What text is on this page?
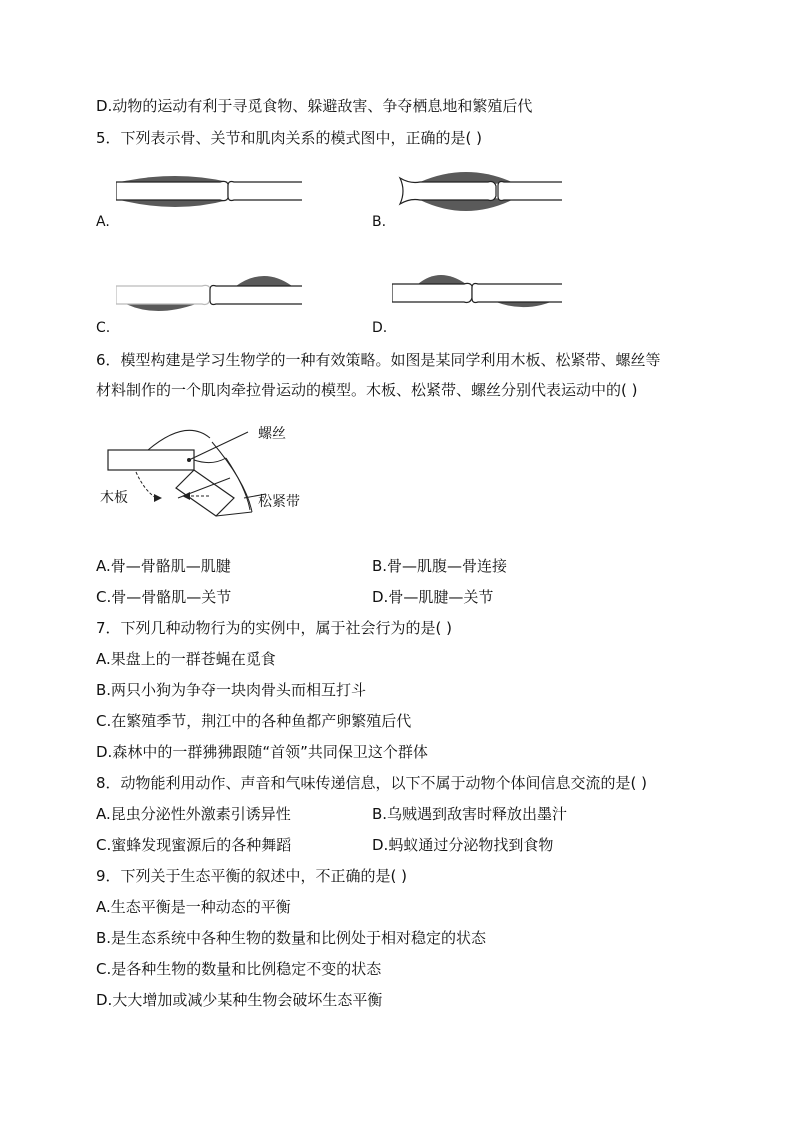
D.动物的运动有利于寻觅食物、躲避敌害、争夺栖息地和繁殖后代
5．下列表示骨、关节和肌肉关系的模式图中，正确的是( )
A.	B.
C.	D.
6．模型构建是学习生物学的一种有效策略。如图是某同学利用木板、松紧带、螺丝等
材料制作的一个肌肉牵拉骨运动的模型。木板、松紧带、螺丝分别代表运动中的( )
螺丝
木板	松紧带
A.骨—骨骼肌—肌腱	B.骨—肌腹—骨连接
C.骨—骨骼肌—关节	D.骨—肌腱—关节
7．下列几种动物行为的实例中，属于社会行为的是( )
A.果盘上的一群苍蝇在觅食
B.两只小狗为争夺一块肉骨头而相互打斗
C.在繁殖季节，荆江中的各种鱼都产卵繁殖后代
D.森林中的一群狒狒跟随“首领”共同保卫这个群体
8．动物能利用动作、声音和气味传递信息，以下不属于动物个体间信息交流的是( )
A.昆虫分泌性外激素引诱异性	B.乌贼遇到敌害时释放出墨汁
C.蜜蜂发现蜜源后的各种舞蹈	D.蚂蚁通过分泌物找到食物
9．下列关于生态平衡的叙述中，不正确的是( )
A.生态平衡是一种动态的平衡
B.是生态系统中各种生物的数量和比例处于相对稳定的状态
C.是各种生物的数量和比例稳定不变的状态
D.大大增加或减少某种生物会破坏生态平衡
